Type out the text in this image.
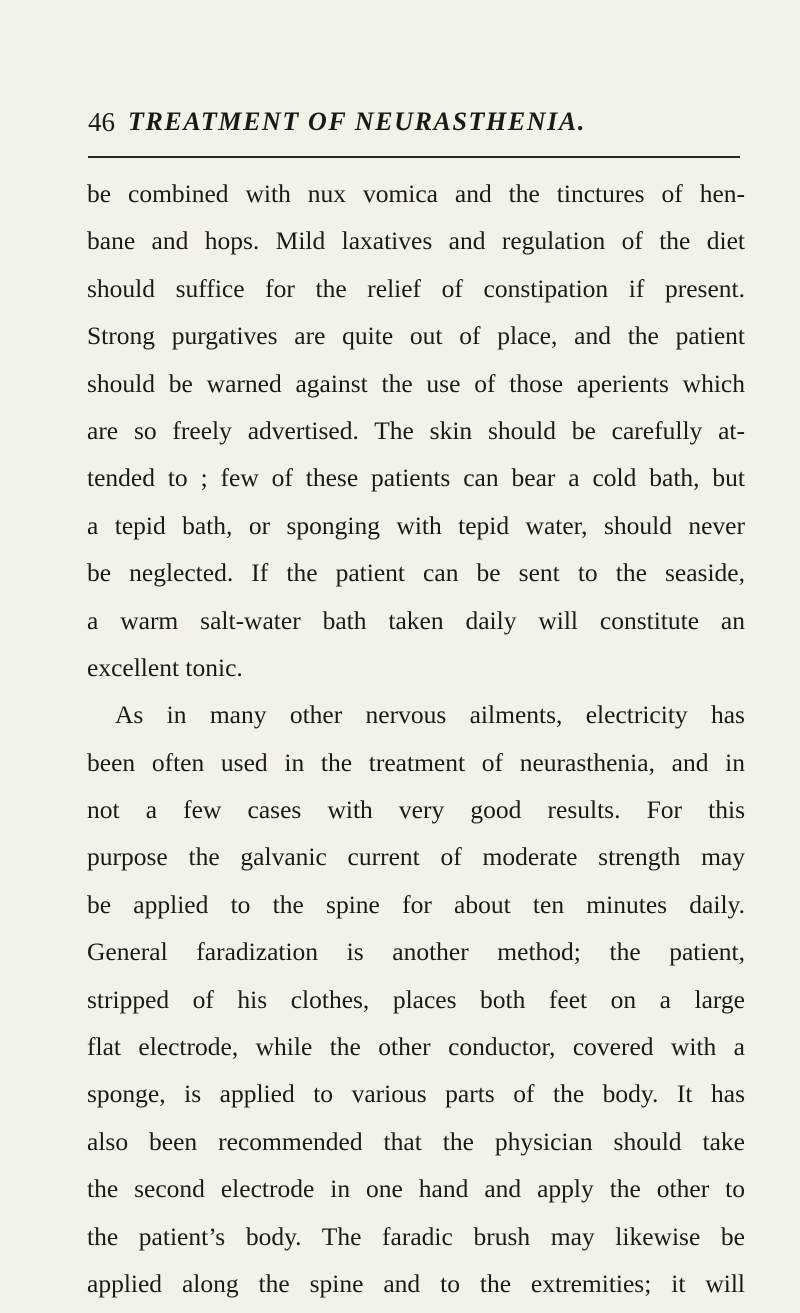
46 TREATMENT OF NEURASTHENIA.
be combined with nux vomica and the tinctures of hen-
bane and hops. Mild laxatives and regulation of the diet
should suffice for the relief of constipation if present.
Strong purgatives are quite out of place, and the patient
should be warned against the use of those aperients which
are so freely advertised. The skin should be carefully at-
tended to ; few of these patients can bear a cold bath, but
a tepid bath, or sponging with tepid water, should never
be neglected. If the patient can be sent to the seaside,
a warm salt-water bath taken daily will constitute an
excellent tonic.
As in many other nervous ailments, electricity has
been often used in the treatment of neurasthenia, and in
not a few cases with very good results. For this
purpose the galvanic current of moderate strength may
be applied to the spine for about ten minutes daily.
General faradization is another method; the patient,
stripped of his clothes, places both feet on a large
flat electrode, while the other conductor, covered with a
sponge, is applied to various parts of the body. It has
also been recommended that the physician should take
the second electrode in one hand and apply the other to
the patient’s body. The faradic brush may likewise be
applied along the spine and to the extremities; it will
